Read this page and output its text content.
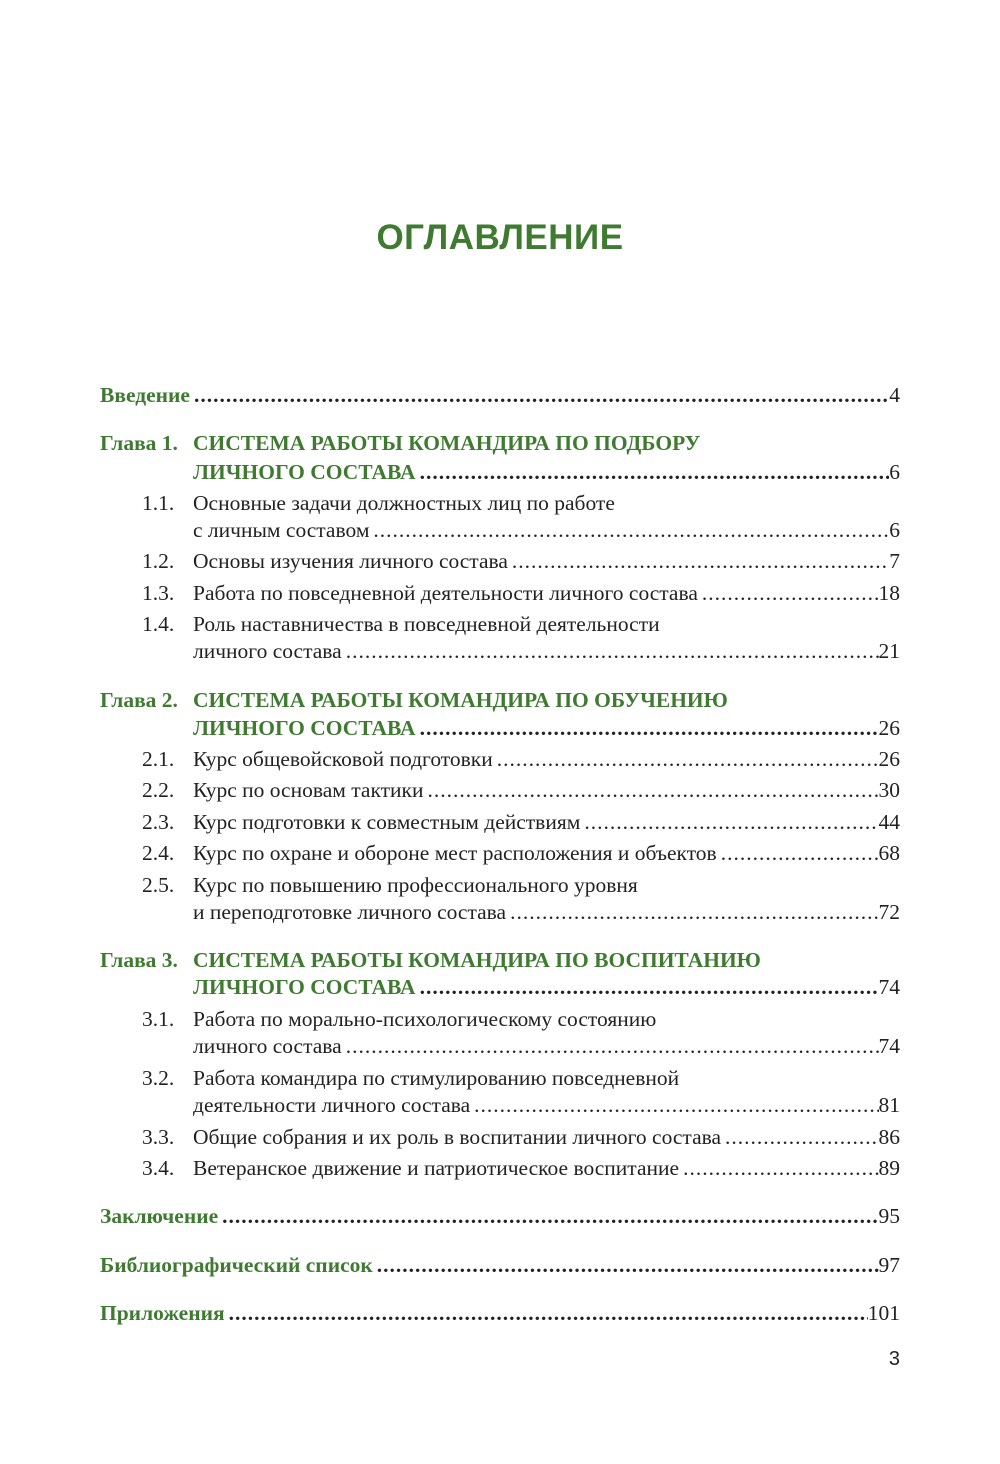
ОГЛАВЛЕНИЕ
Введение .....	4
Глава 1. СИСТЕМА РАБОТЫ КОМАНДИРА ПО ПОДБОРУ
ЛИЧНОГО СОСТАВА .....	6
1.1. Основные задачи должностных лиц по работе
с личным составом .....	6
1.2. Основы изучения личного состава .....	7
1.3. Работа по повседневной деятельности личного состава .....	18
1.4. Роль наставничества в повседневной деятельности
личного состава .....	21
Глава 2. СИСТЕМА РАБОТЫ КОМАНДИРА ПО ОБУЧЕНИЮ
ЛИЧНОГО СОСТАВА .....	26
2.1. Курс общевойсковой подготовки .....	26
2.2. Курс по основам тактики .....	30
2.3. Курс подготовки к совместным действиям .....	44
2.4. Курс по охране и обороне мест расположения и объектов .....	68
2.5. Курс по повышению профессионального уровня
и переподготовке личного состава .....	72
Глава 3. СИСТЕМА РАБОТЫ КОМАНДИРА ПО ВОСПИТАНИЮ
ЛИЧНОГО СОСТАВА .....	74
3.1. Работа по морально-психологическому состоянию
личного состава .....	74
3.2. Работа командира по стимулированию повседневной
деятельности личного состава .....	81
3.3. Общие собрания и их роль в воспитании личного состава .....	86
3.4. Ветеранское движение и патриотическое воспитание .....	89
Заключение .....	95
Библиографический список .....	97
Приложения .....	101
3
